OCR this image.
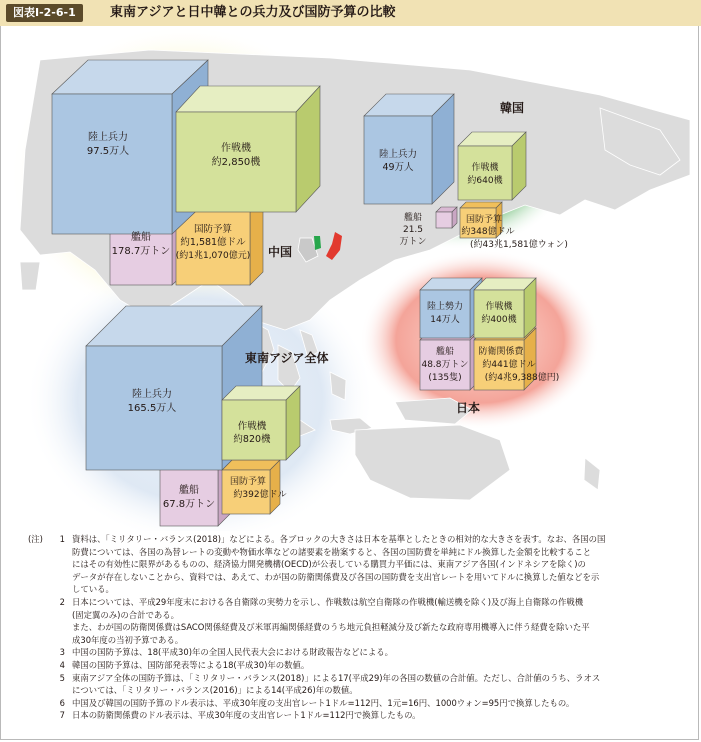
図表Ⅰ-2-6-1	東南アジアと日中韓との兵力及び国防予算の比較
陸上兵力
97.5万人	作戦機
約2,850機
艦船
178.7万トン
国防予算
約1,581億ドル
(約1兆1,070億元) 中国
陸上兵力
49万人	作戦機
約640機
艦船
21.5
万トン
国防予算
約348億ドル
(約43兆1,581億ウォン)
韓国
陸上勢力
14万人
作戦機
約400機
艦船
48.8万トン
(135隻)
防衛関係費
約441億ドル
(約4兆9,388億円)
日本
陸上兵力
165.5万人
作戦機
約820機
艦船
67.8万トン
国防予算
約392億ドル
東南アジア全体
(注)	1 資料は、「ミリタリー・バランス(2018)」などによる。各ブロックの大きさは日本を基準としたときの相対的な大きさを表す。なお、各国の国
防費については、各国の為替レートの変動や物価水準などの諸要素を勘案すると、各国の国防費を単純にドル換算した金額を比較すること
にはその有効性に限界があるものの、経済協力開発機構(OECD)が公表している購買力平価には、東南アジア各国(インドネシアを除く)の
データが存在しないことから、資料では、あえて、わが国の防衛関係費及び各国の国防費を支出官レートを用いてドルに換算した値などを示
している。
2 日本については、平成29年度末における各自衛隊の実勢力を示し、作戦数は航空自衛隊の作戦機(輸送機を除く)及び海上自衛隊の作戦機
(固定翼のみ)の合計である。
また、わが国の防衛関係費はSACO関係経費及び米軍再編関係経費のうち地元負担軽減分及び新たな政府専用機導入に伴う経費を除いた平
成30年度の当初予算である。
3 中国の国防予算は、18(平成30)年の全国人民代表大会における財政報告などによる。
4 韓国の国防予算は、国防部発表等による18(平成30)年の数値。
5 東南アジア全体の国防予算は、「ミリタリー・バランス(2018)」による17(平成29)年の各国の数値の合計値。ただし、合計値のうち、ラオス
については、「ミリタリー・バランス(2016)」による14(平成26)年の数値。
6 中国及び韓国の国防予算のドル表示は、平成30年度の支出官レート1ドル=112円、1元=16円、1000ウォン=95円で換算したもの。
7 日本の防衛関係費のドル表示は、平成30年度の支出官レート1ドル=112円で換算したもの。
